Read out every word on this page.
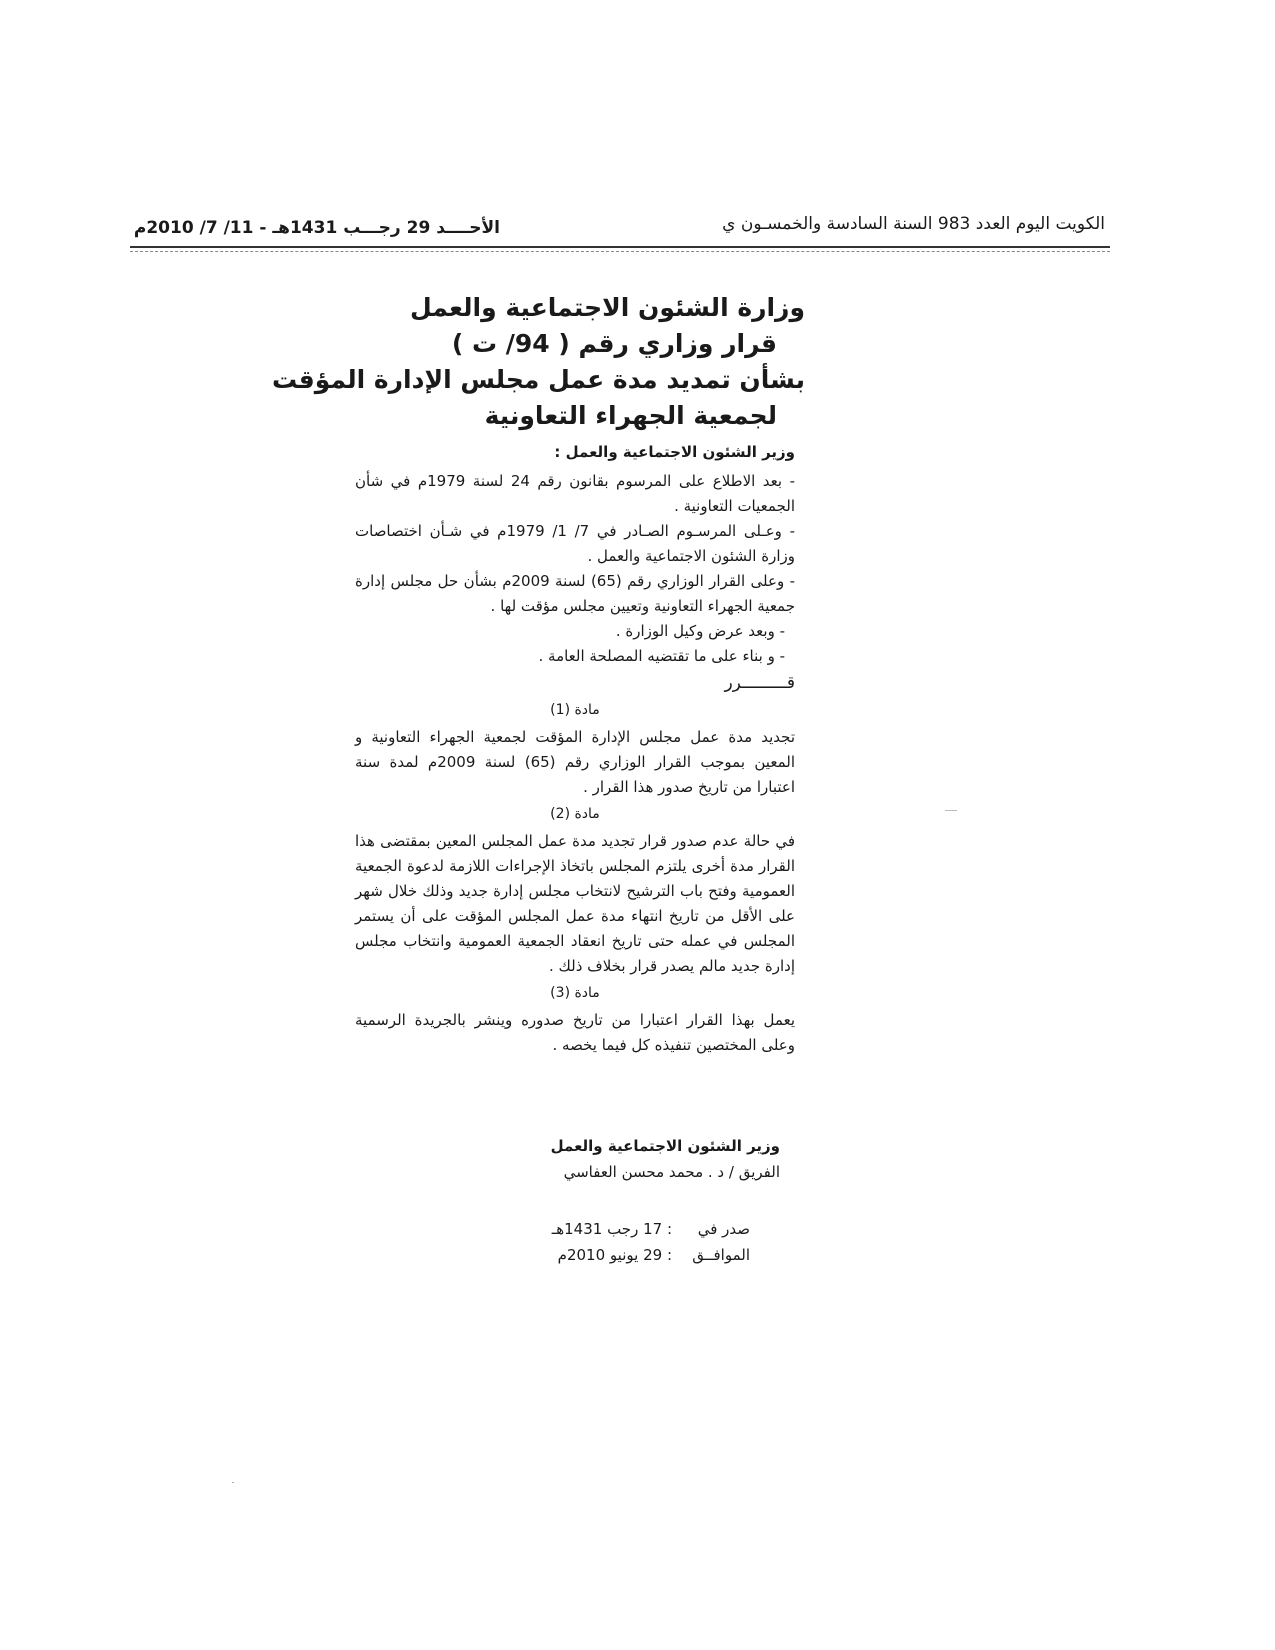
الكويت اليوم العدد 983 السنة السادسة والخمسـون ي
الأحــــد 29 رجـــب 1431هـ - 11/ 7/ 2010م
وزارة الشئون الاجتماعية والعمل
قرار وزاري رقم ( 94/ ت )
بشأن تمديد مدة عمل مجلس الإدارة المؤقت
لجمعية الجهراء التعاونية

وزير الشئون الاجتماعية والعمل :

- بعد الاطلاع على المرسوم بقانون رقم 24 لسنة 1979م في شأن الجمعيات التعاونية .

- وعـلى المرسـوم الصـادر في 7/ 1/ 1979م في شـأن اختصاصات وزارة الشئون الاجتماعية والعمل .

- وعلى القرار الوزاري رقم (65) لسنة 2009م بشأن حل مجلس إدارة جمعية الجهراء التعاونية وتعيين مجلس مؤقت لها .

- وبعد عرض وكيل الوزارة .

- و بناء على ما تقتضيه المصلحة العامة .

قـــــــــرر

مادة (1)

تجديد مدة عمل مجلس الإدارة المؤقت لجمعية الجهراء التعاونية و المعين بموجب القرار الوزاري رقم (65) لسنة 2009م لمدة سنة اعتبارا من تاريخ صدور هذا القرار .

مادة (2)

في حالة عدم صدور قرار تجديد مدة عمل المجلس المعين بمقتضى هذا القرار مدة أخرى يلتزم المجلس باتخاذ الإجراءات اللازمة لدعوة الجمعية العمومية وفتح باب الترشيح لانتخاب مجلس إدارة جديد وذلك خلال شهر على الأقل من تاريخ انتهاء مدة عمل المجلس المؤقت على أن يستمر المجلس في عمله حتى تاريخ انعقاد الجمعية العمومية وانتخاب مجلس إدارة جديد مالم يصدر قرار بخلاف ذلك .

مادة (3)

يعمل بهذا القرار اعتبارا من تاريخ صدوره وينشر بالجريدة الرسمية وعلى المختصين تنفيذه كل فيما يخصه .

وزير الشئون الاجتماعية والعمل
الفريق / د . محمد محسن العفاسي
صدر في: 17 رجب 1431هـ
الموافــق: 29 يونيو 2010م
